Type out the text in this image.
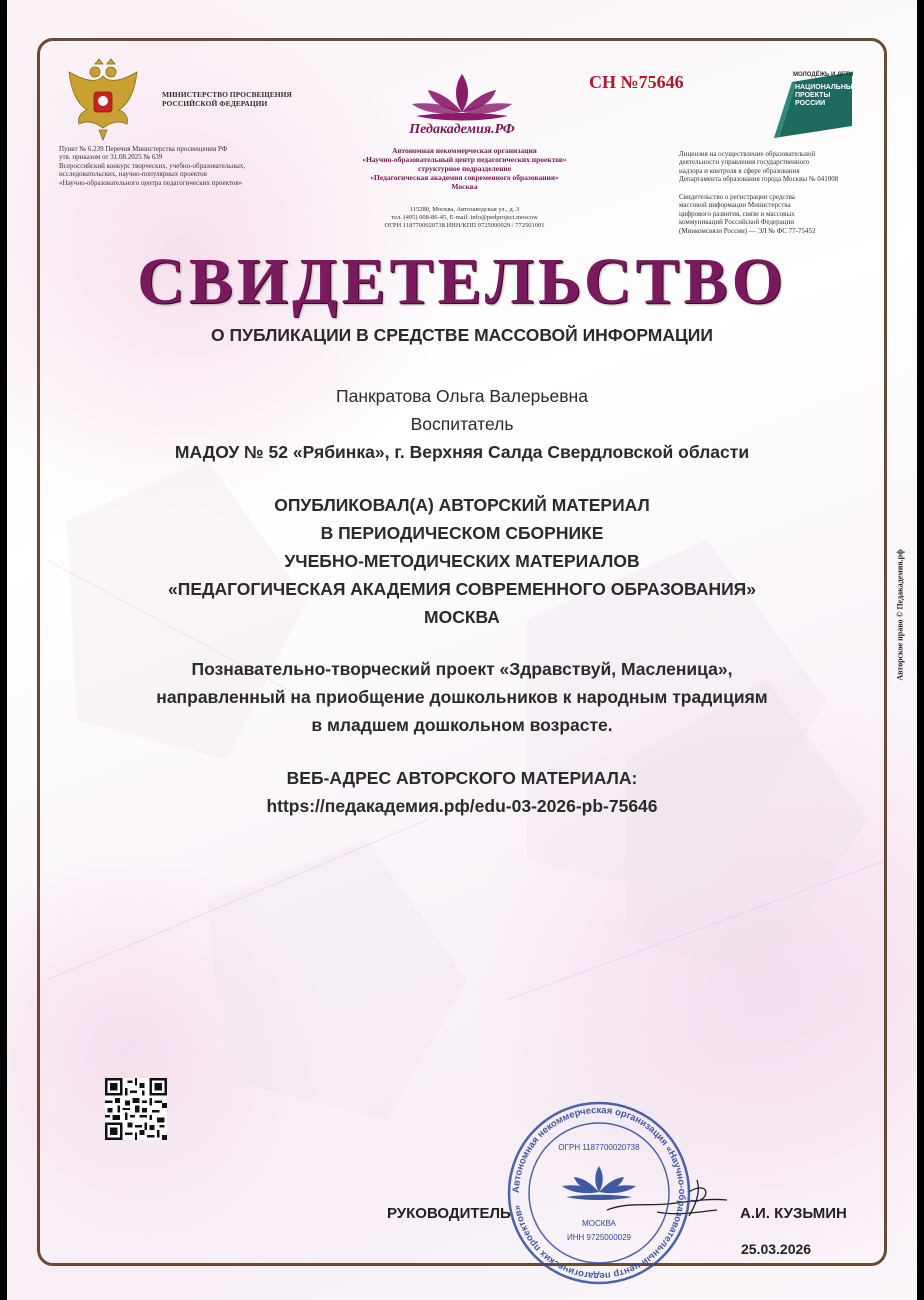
МИНИСТЕРСТВО ПРОСВЕЩЕНИЯ РОССИЙСКОЙ ФЕДЕРАЦИИ
Пункт № 6.239 Перечня Министерства просвещения РФ
утв. приказом от 31.08.2025 № 639
Всероссийский конкурс творческих, учебно-образовательных,
исследовательских, научно-популярных проектов
«Научно-образовательного центра педагогических проектов»
Педакадемия.РФ
Автономная некоммерческая организация
«Научно-образовательный центр педагогических проектов»
структурное подразделение
«Педагогическая академия современного образования»
Москва
115280, Москва, Автозаводская ул., д. 3
тел. (495) 008-86-45, E-mail: info@pedproject.moscow
ОГРН 1187700020738 ИНН/КПП 9725000029 / 772501001
СН №75646	МОЛОДЁЖЬ И ДЕТИ
НАЦИОНАЛЬНЫЕ
ПРОЕКТЫ
РОССИИ
Лицензия на осуществление образовательной
деятельности управления государственного
надзора и контроля в сфере образования
Департамента образования города Москвы № 041008
Свидетельство о регистрации средства
массовой информации Министерства
цифрового развития, связи и массовых
коммуникаций Российской Федерации
(Минкомсвязи России) — ЭЛ № ФС 77-75452
СВИДЕТЕЛЬСТВО
О ПУБЛИКАЦИИ В СРЕДСТВЕ МАССОВОЙ ИНФОРМАЦИИ
Панкратова Ольга Валерьевна
Воспитатель
МАДОУ № 52 «Рябинка», г. Верхняя Салда Свердловской области
ОПУБЛИКОВАЛ(А) АВТОРСКИЙ МАТЕРИАЛ
В ПЕРИОДИЧЕСКОМ СБОРНИКЕ
УЧЕБНО-МЕТОДИЧЕСКИХ МАТЕРИАЛОВ
«ПЕДАГОГИЧЕСКАЯ АКАДЕМИЯ СОВРЕМЕННОГО ОБРАЗОВАНИЯ»
МОСКВА
Познавательно-творческий проект «Здравствуй, Масленица»,
направленный на приобщение дошкольников к народным традициям
в младшем дошкольном возрасте.
ВЕБ-АДРЕС АВТОРСКОГО МАТЕРИАЛА:
https://педакадемия.рф/edu-03-2026-pb-75646
Авторское право © Педакадемия.рф
Автономная некоммерческая организация «Научно-образовательный центр педагогических проектов»
ОГРН 1187700020738
МОСКВА
ИНН 9725000029
РУКОВОДИТЕЛЬ	А.И. КУЗЬМИН
25.03.2026
